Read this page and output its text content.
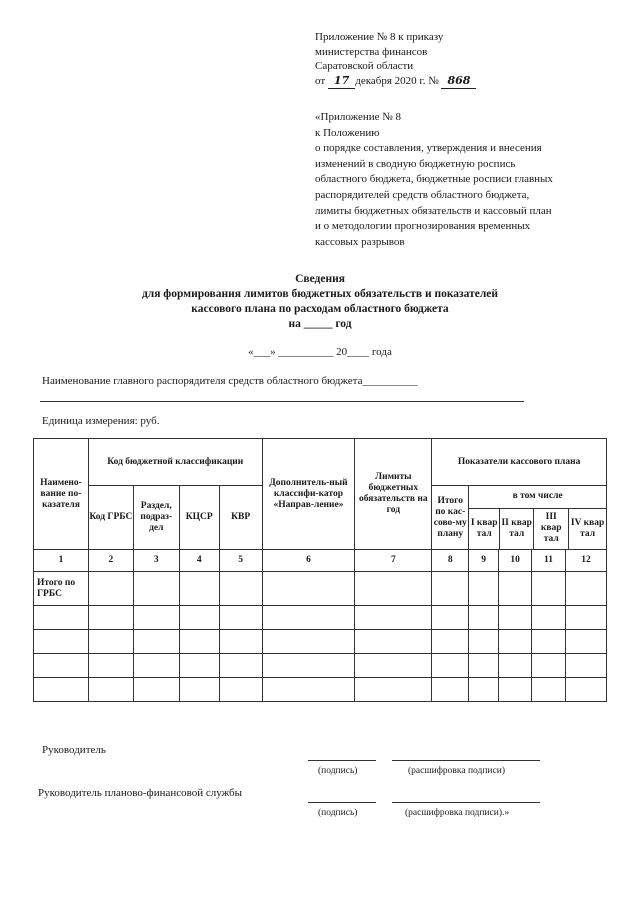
Приложение № 8 к приказу
министерства финансов
Саратовской области
от 17 декабря 2020 г. № 868
«Приложение № 8
к Положению
о порядке составления, утверждения и внесения
изменений в сводную бюджетную роспись
областного бюджета, бюджетные росписи главных
распорядителей средств областного бюджета,
лимиты бюджетных обязательств и кассовый план
и о методологии прогнозирования временных
кассовых разрывов
Сведения
для формирования лимитов бюджетных обязательств и показателей
кассового плана по расходам областного бюджета
на _____ год
«___» __________ 20____ года
Наименование главного распорядителя средств областного бюджета__________
Единица измерения: руб.
Наимено-вание по-казателя	Код бюджетной классификации	Дополнитель-ный классифи-катор «Направ-ление»	Лимиты бюджетных обязательств на год	Показатели кассового плана
Код ГРБС	Раздел, подраз-дел	КЦСР	КВР	Итого по кас-сово-му плану	
в том числе
I квар тал	II квар тал	III квар тал	IV квар тал

1	2	3	4	5	6	7	8	9	10	11	12
Итого по ГРБС											

Руководитель
(подпись)	(расшифровка подписи)
Руководитель планово-финансовой службы
(подпись)	(расшифровка подписи).»
